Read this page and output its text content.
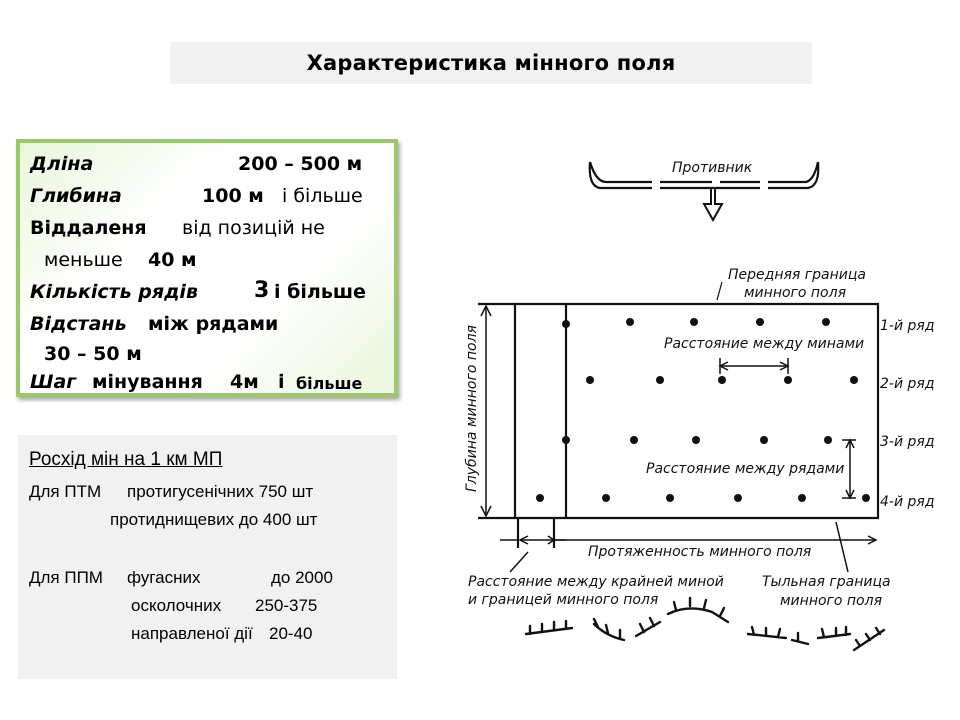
Характеристика мінного поля
Дліна	200 – 500 м
Глибина	100 м і більше
Віддаленя від позицій не
меньше 40 м
Кількість рядів	3 і більше
Відстань між рядами
30 – 50 м
Шаг мінування 4м і більше
Росхід мін на 1 км МП
Для ПТМ протигусенічних 750 шт
протиднищевих до 400 шт
Для ППМ фугасних	до 2000
осколочних 250-375
направленої дії 20-40
Противник
Передняя граница
минного поля
Расстояние между минами
Расстояние между рядами
1-й ряд
2-й ряд
3-й ряд
4-й ряд
Глубина минного поля
Протяженность минного поля
Расстояние между крайней миной
и границей минного поля
Тыльная граница
минного поля
